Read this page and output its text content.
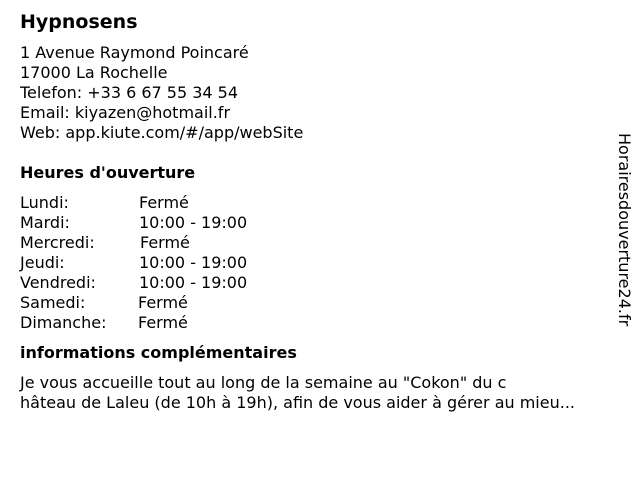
Hypnosens
1 Avenue Raymond Poincaré
17000 La Rochelle
Telefon: +33 6 67 55 34 54
Email: kiyazen@hotmail.fr
Web: app.kiute.com/#/app/webSite
Heures d'ouverture
Lundi:	Fermé
Mardi:	10:00 - 19:00
Mercredi:	Fermé
Jeudi:	10:00 - 19:00
Vendredi:	10:00 - 19:00
Samedi:	Fermé
Dimanche: Fermé
informations complémentaires
Je vous accueille tout au long de la semaine au "Cokon" du c
hâteau de Laleu (de 10h à 19h), afin de vous aider à gérer au mieu...
Horairesdouverture24.fr
